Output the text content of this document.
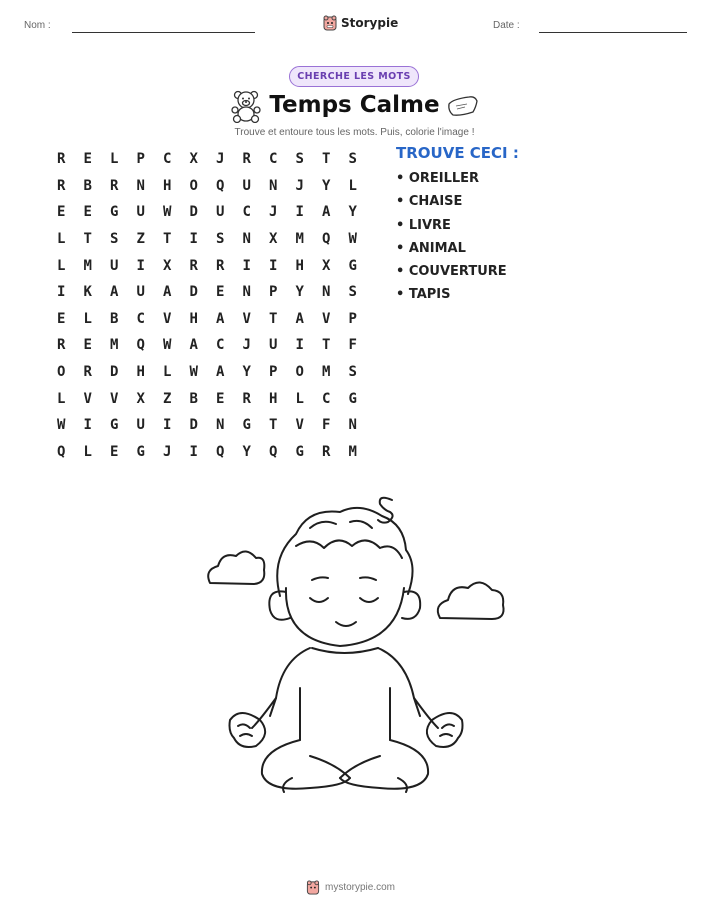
Nom :	Storypie	Date :
CHERCHE LES MOTS
Temps Calme
Trouve et entoure tous les mots. Puis, colorie l'image !
R	E	L	P	C	X	J	R	C	S	T	S
R	B	R	N	H	O	Q	U	N	J	Y	L
E	E	G	U	W	D	U	C	J	I	A	Y
L	T	S	Z	T	I	S	N	X	M	Q	W
L	M	U	I	X	R	R	I	I	H	X	G
I	K	A	U	A	D	E	N	P	Y	N	S
E	L	B	C	V	H	A	V	T	A	V	P
R	E	M	Q	W	A	C	J	U	I	T	F
O	R	D	H	L	W	A	Y	P	O	M	S
L	V	V	X	Z	B	E	R	H	L	C	G
W	I	G	U	I	D	N	G	T	V	F	N
Q	L	E	G	J	I	Q	Y	Q	G	R	M
TROUVE CECI :
• OREILLER
• CHAISE
• LIVRE
• ANIMAL
• COUVERTURE
• TAPIS
mystorypie.com
